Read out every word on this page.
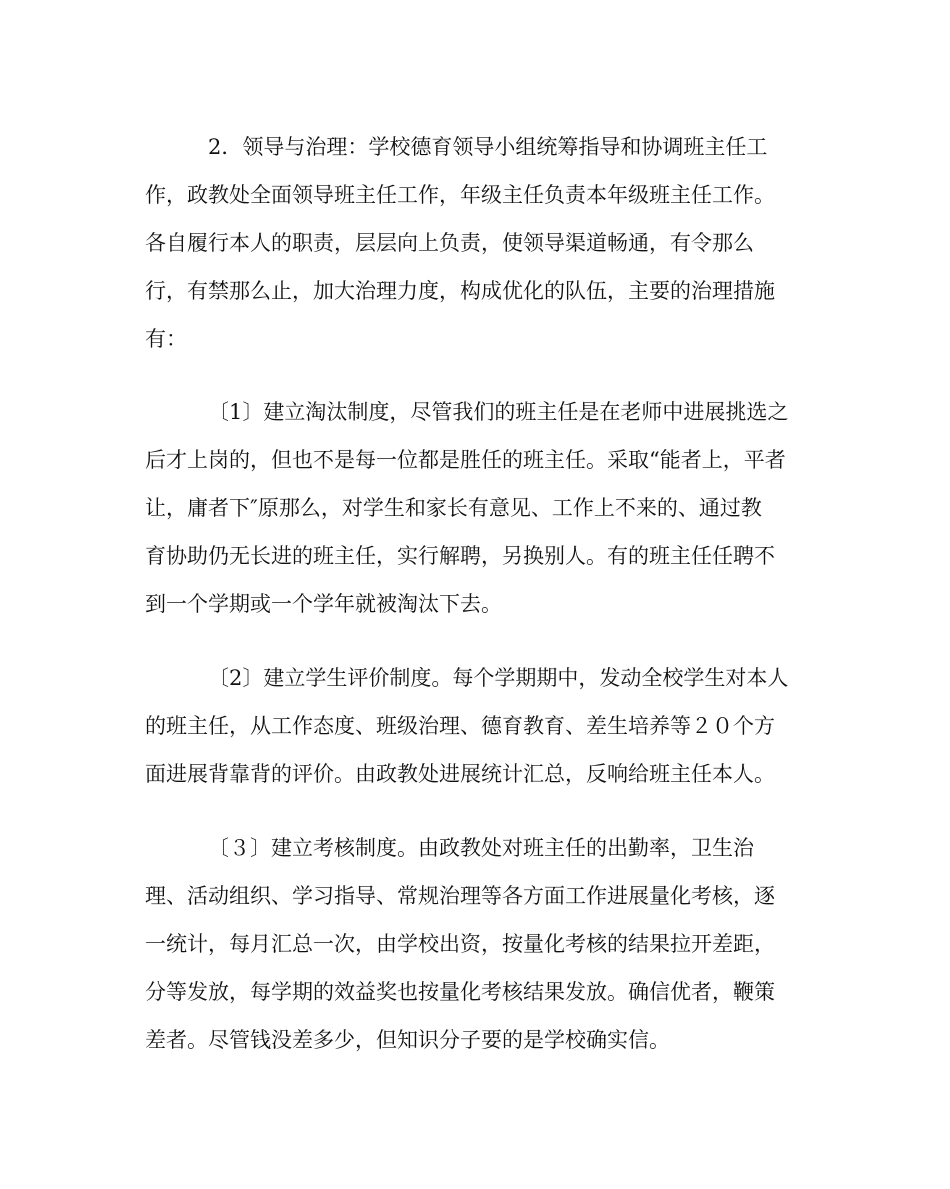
2．领导与治理：学校德育领导小组统筹指导和协调班主任工
作，政教处全面领导班主任工作，年级主任负责本年级班主任工作。
各自履行本人的职责，层层向上负责，使领导渠道畅通，有令那么
行，有禁那么止，加大治理力度，构成优化的队伍，主要的治理措施
有：
〔1〕建立淘汰制度，尽管我们的班主任是在老师中进展挑选之
后才上岗的，但也不是每一位都是胜任的班主任。采取“能者上，平者
让，庸者下″原那么，对学生和家长有意见、工作上不来的、通过教
育协助仍无长进的班主任，实行解聘，另换别人。有的班主任任聘不
到一个学期或一个学年就被淘汰下去。
〔2〕建立学生评价制度。每个学期期中，发动全校学生对本人
的班主任，从工作态度、班级治理、德育教育、差生培养等２０个方
面进展背靠背的评价。由政教处进展统计汇总，反响给班主任本人。
〔３〕建立考核制度。由政教处对班主任的出勤率，卫生治
理、活动组织、学习指导、常规治理等各方面工作进展量化考核，逐
一统计，每月汇总一次，由学校出资，按量化考核的结果拉开差距，
分等发放，每学期的效益奖也按量化考核结果发放。确信优者，鞭策
差者。尽管钱没差多少，但知识分子要的是学校确实信。
